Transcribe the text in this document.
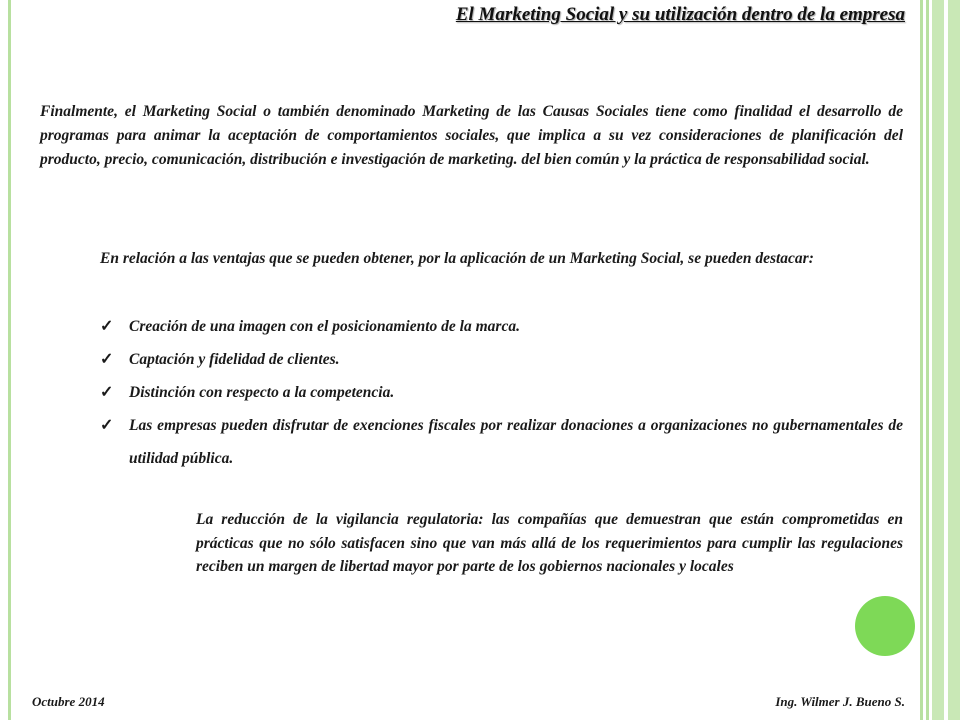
El Marketing Social y su utilización dentro de la empresa
Finalmente, el Marketing Social o también denominado Marketing de las Causas Sociales tiene como finalidad el desarrollo de programas para animar la aceptación de comportamientos sociales, que implica a su vez consideraciones de planificación del producto, precio, comunicación, distribución e investigación de marketing. del bien común y la práctica de responsabilidad social.
En relación a las ventajas que se pueden obtener, por la aplicación de un Marketing Social, se pueden destacar:
✓ Creación de una imagen con el posicionamiento de la marca.
✓ Captación y fidelidad de clientes.
✓ Distinción con respecto a la competencia.
✓ Las empresas pueden disfrutar de exenciones fiscales por realizar donaciones a organizaciones no gubernamentales de utilidad pública.
La reducción de la vigilancia regulatoria: las compañías que demuestran que están comprometidas en prácticas que no sólo satisfacen sino que van más allá de los requerimientos para cumplir las regulaciones reciben un margen de libertad mayor por parte de los gobiernos nacionales y locales
Octubre 2014	Ing. Wilmer J. Bueno S.
